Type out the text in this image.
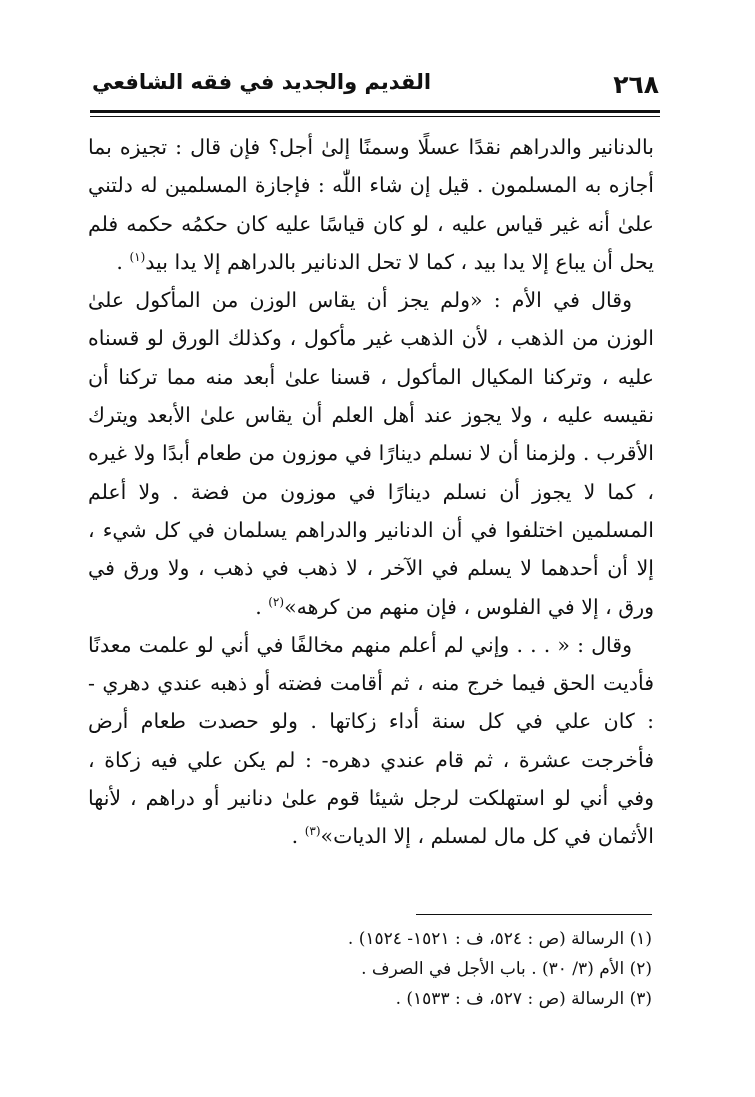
٢٦٨
القديم والجديد في فقه الشافعي

بالدنانير والدراهم نقدًا عسلًا وسمنًا إلىٰ أجل؟ فإن قال : تجيزه بما أجازه به المسلمون . قيل إن شاء اللّٰه : فإجازة المسلمين له دلتني علىٰ أنه غير قياس عليه ، لو كان قياسًا عليه كان حكمُه حكمه فلم يحل أن يباع إلا يدا بيد ، كما لا تحل الدنانير بالدراهم إلا يدا بيد$^{(١)}$ .

وقال في الأم : «ولم يجز أن يقاس الوزن من المأكول علىٰ الوزن من الذهب ، لأن الذهب غير مأكول ، وكذلك الورق لو قسناه عليه ، وتركنا المكيال المأكول ، قسنا علىٰ أبعد منه مما تركنا أن نقيسه عليه ، ولا يجوز عند أهل العلم أن يقاس علىٰ الأبعد ويترك الأقرب . ولزمنا أن لا نسلم دينارًا في موزون من طعام أبدًا ولا غيره ، كما لا يجوز أن نسلم دينارًا في موزون من فضة . ولا أعلم المسلمين اختلفوا في أن الدنانير والدراهم يسلمان في كل شيء ، إلا أن أحدهما لا يسلم في الآخر ، لا ذهب في ذهب ، ولا ورق في ورق ، إلا في الفلوس ، فإن منهم من كرهه»$^{(٢)}$ .

وقال : « . . . وإني لم أعلم منهم مخالفًا في أني لو علمت معدنًا فأديت الحق فيما خرج منه ، ثم أقامت فضته أو ذهبه عندي دهري - : كان علي في كل سنة أداء زكاتها . ولو حصدت طعام أرض فأخرجت عشرة ، ثم قام عندي دهره- : لم يكن علي فيه زكاة ، وفي أني لو استهلكت لرجل شيئا قوم علىٰ دنانير أو دراهم ، لأنها الأثمان في كل مال لمسلم ، إلا الديات»$^{(٣)}$ .

(١) الرسالة (ص : ٥٢٤، ف : ١٥٢١- ١٥٢٤) .
(٢) الأم (٣/ ٣٠) . باب الأجل في الصرف .
(٣) الرسالة (ص : ٥٢٧، ف : ١٥٣٣) .
